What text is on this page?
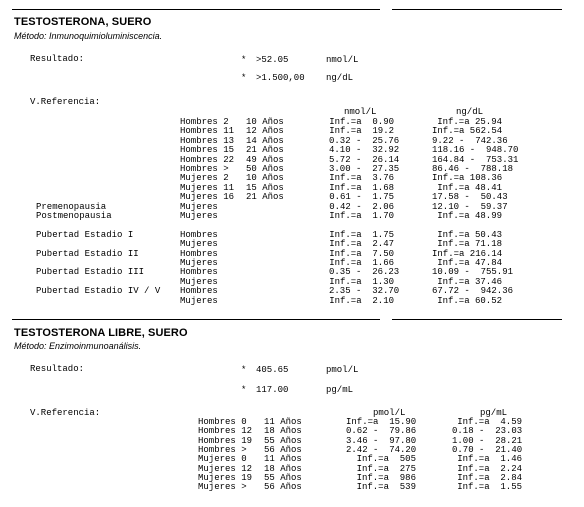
TESTOSTERONA, SUERO
Método: Inmunoquimioluminiscencia.
Resultado:	* >52.05	nmol/L
* >1.500,00 ng/dL
V.Referencia:
nmol/L	ng/dL
Hombres 2 10 Años	Inf.=a  0.90	Inf.=a 25.94
Hombres 11 12 Años	Inf.=a  19.2	Inf.=a 562.54
Hombres 13 14 Años	0.32 -  25.76	9.22 -  742.36
Hombres 15 21 Años	4.10 -  32.92	118.16 -  948.70
Hombres 22 49 Años	5.72 -  26.14	164.84 -  753.31
Hombres > 50 Años	3.00 -  27.35	86.46 -  788.18
Mujeres 2 10 Años	Inf.=a  3.76	Inf.=a 108.36
Mujeres 11 15 Años	Inf.=a  1.68	Inf.=a 48.41
Mujeres 16 21 Años	0.61 -  1.75	17.58 -  50.43
Premenopausia	Mujeres	0.42 -  2.06	12.10 -  59.37
Postmenopausia	Mujeres	Inf.=a  1.70	Inf.=a 48.99
Pubertad Estadio I	Hombres	Inf.=a  1.75	Inf.=a 50.43
Mujeres	Inf.=a  2.47	Inf.=a 71.18
Pubertad Estadio II	Hombres	Inf.=a  7.50	Inf.=a 216.14
Mujeres	Inf.=a  1.66	Inf.=a 47.84
Pubertad Estadio III	Hombres	0.35 -  26.23	10.09 -  755.91
Mujeres	Inf.=a  1.30	Inf.=a 37.46
Pubertad Estadio IV / V Hombres	2.35 -  32.70	67.72 -  942.36
Mujeres	Inf.=a  2.10	Inf.=a 60.52
TESTOSTERONA LIBRE, SUERO
Método: Enzimoinmunoanálisis.
Resultado:	* 405.65	pmol/L
* 117.00	pg/mL
V.Referencia:	pmol/L	pg/mL
Hombres 0 11 Años	Inf.=a  15.90	Inf.=a  4.59
Hombres 12 18 Años	0.62 -  79.86	0.18 -  23.03
Hombres 19 55 Años	3.46 -  97.80	1.00 -  28.21
Hombres > 56 Años	2.42 -  74.20	0.70 -  21.40
Mujeres 0 11 Años	Inf.=a  505	Inf.=a  1.46
Mujeres 12 18 Años	Inf.=a  275	Inf.=a  2.24
Mujeres 19 55 Años	Inf.=a  986	Inf.=a  2.84
Mujeres > 56 Años	Inf.=a  539	Inf.=a  1.55
